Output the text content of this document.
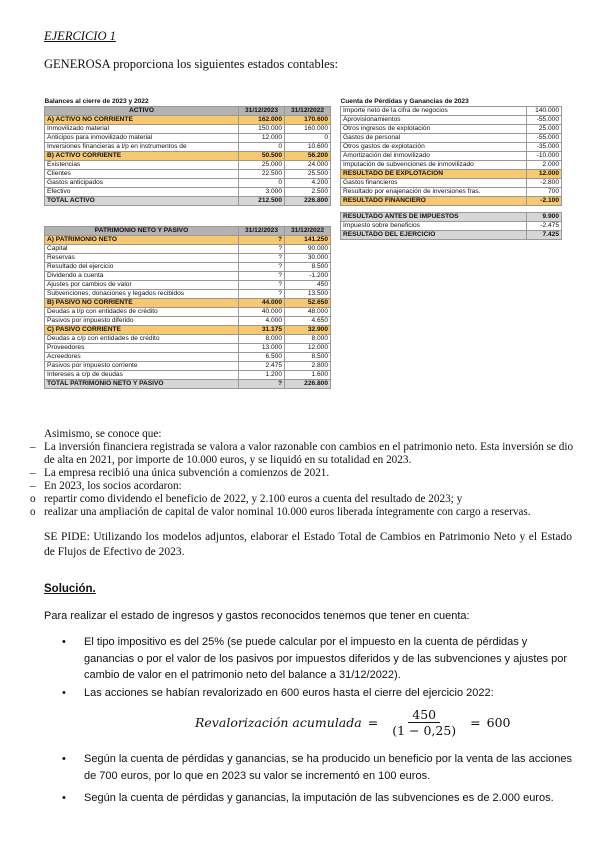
EJERCICIO 1
GENEROSA proporciona los siguientes estados contables:
Balances al cierre de 2023 y 2022		
ACTIVO	31/12/2023	31/12/2022
A) ACTIVO NO CORRIENTE	162.000	170.600
Inmovilizado material	150.000	160.000
Anticipos para inmovilizado material	12.000	0
Inversiones financieras a l/p en instrumentos de	0	10.600
B) ACTIVO CORRIENTE	50.500	56.200
Existencias	25.000	24.000
Clientes	22.500	25.500
Gastos anticipados	0	4.200
Efectivo	3.000	2.500
TOTAL ACTIVO	212.500	226.800
PATRIMONIO NETO Y PASIVO	31/12/2023	31/12/2022
A) PATRIMONIO NETO	?	141.250
Capital	?	90.000
Reservas	?	30.000
Resultado del ejercicio	?	8.500
Dividendo a cuenta	?	-1.200
Ajustes por cambios de valor	?	450
Subvenciones, donaciones y legados recibidos	?	13.500
B) PASIVO NO CORRIENTE	44.000	52.650
Deudas a l/p con entidades de crédito	40.000	48.000
Pasivos por impuesto diferido	4.000	4.650
C) PASIVO CORRIENTE	31.175	32.900
Deudas a c/p con entidades de crédito	8.000	8.000
Proveedores	13.000	12.000
Acreedores	6.500	8.500
Pasivos por impuesto corriente	2.475	2.800
Intereses a c/p de deudas	1.200	1.600
TOTAL PATRIMONIO NETO Y PASIVO	?	226.800
Cuenta de Pérdidas y Ganancias de 2023	
Importe neto de la cifra de negocios	140.000
Aprovisionamientos	-55.000
Otros ingresos de explotación	25.000
Gastos de personal	-55.000
Otros gastos de explotación	-35.000
Amortización del inmovilizado	-10.000
Imputación de subvenciones de inmovilizado	2.000
RESULTADO DE EXPLOTACIÓN	12.000
Gastos financieros	-2.800
Resultado por enajenación de inversiones fras.	700
RESULTADO FINANCIERO	-2.100

RESULTADO ANTES DE IMPUESTOS	9.900
Impuesto sobre beneficios	-2.475
RESULTADO DEL EJERCICIO	7.425
Asimismo, se conoce que:
– La inversión financiera registrada se valora a valor razonable con cambios en el patrimonio neto. Esta inversión se dio de alta en 2021, por importe de 10.000 euros, y se liquidó en su totalidad en 2023.
– La empresa recibió una única subvención a comienzos de 2021.
– En 2023, los socios acordaron:
o repartir como dividendo el beneficio de 2022, y 2.100 euros a cuenta del resultado de 2023; y
o realizar una ampliación de capital de valor nominal 10.000 euros liberada íntegramente con cargo a reservas.
SE PIDE: Utilizando los modelos adjuntos, elaborar el Estado Total de Cambios en Patrimonio Neto y el Estado de Flujos de Efectivo de 2023.
Solución.
Para realizar el estado de ingresos y gastos reconocidos tenemos que tener en cuenta:
•	El tipo impositivo es del 25% (se puede calcular por el impuesto en la cuenta de pérdidas y ganancias o por el valor de los pasivos por impuestos diferidos y de las subvenciones y ajustes por cambio de valor en el patrimonio neto del balance a 31/12/2022).
•	Las acciones se habían revalorizado en 600 euros hasta el cierre del ejercicio 2022:
Revalorización acumulada = $\frac{450}{(1 - 0,25)} = 600$
•	Según la cuenta de pérdidas y ganancias, se ha producido un beneficio por la venta de las acciones de 700 euros, por lo que en 2023 su valor se incrementó en 100 euros.
•	Según la cuenta de pérdidas y ganancias, la imputación de las subvenciones es de 2.000 euros.
